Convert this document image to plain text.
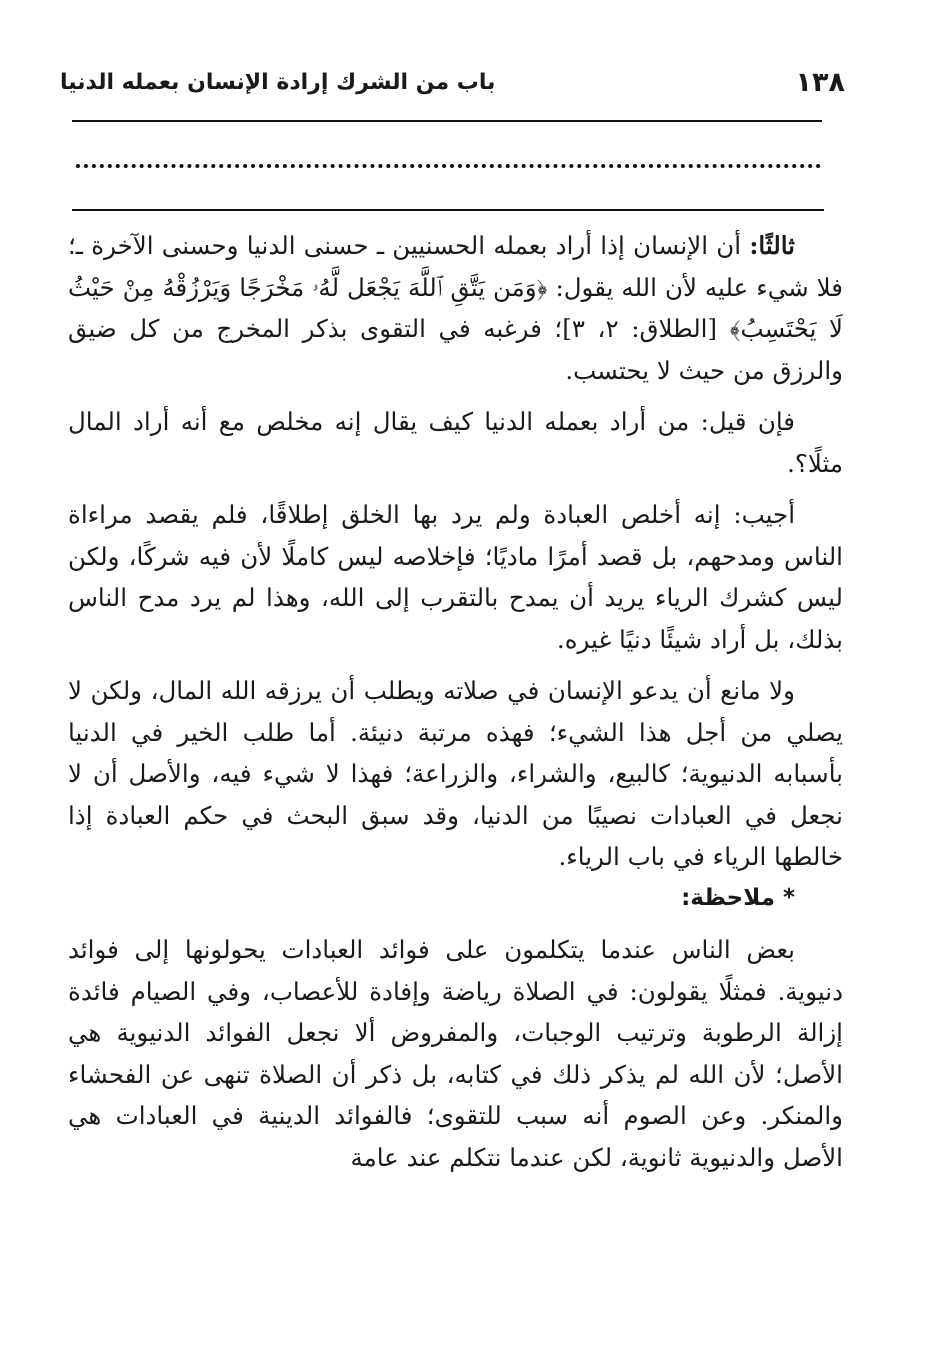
١٣٨
باب من الشرك إرادة الإنسان بعمله الدنيا

ثالثًا: أن الإنسان إذا أراد بعمله الحسنيين ـ حسنى الدنيا وحسنى الآخرة ـ؛ فلا شيء عليه لأن الله يقول: ﴿وَمَن يَتَّقِ ٱللَّهَ يَجْعَل لَّهُۥ مَخْرَجًا وَيَرْزُقْهُ مِنْ حَيْثُ لَا يَحْتَسِبُ﴾ [الطلاق: ٢، ٣]؛ فرغبه في التقوى بذكر المخرج من كل ضيق والرزق من حيث لا يحتسب.

فإن قيل: من أراد بعمله الدنيا كيف يقال إنه مخلص مع أنه أراد المال مثلًا؟.

أجيب: إنه أخلص العبادة ولم يرد بها الخلق إطلاقًا، فلم يقصد مراءاة الناس ومدحهم، بل قصد أمرًا ماديًا؛ فإخلاصه ليس كاملًا لأن فيه شركًا، ولكن ليس كشرك الرياء يريد أن يمدح بالتقرب إلى الله، وهذا لم يرد مدح الناس بذلك، بل أراد شيئًا دنيًا غيره.

ولا مانع أن يدعو الإنسان في صلاته ويطلب أن يرزقه الله المال، ولكن لا يصلي من أجل هذا الشيء؛ فهذه مرتبة دنيئة. أما طلب الخير في الدنيا بأسبابه الدنيوية؛ كالبيع، والشراء، والزراعة؛ فهذا لا شيء فيه، والأصل أن لا نجعل في العبادات نصيبًا من الدنيا، وقد سبق البحث في حكم العبادة إذا خالطها الرياء في باب الرياء.

* ملاحظة:

بعض الناس عندما يتكلمون على فوائد العبادات يحولونها إلى فوائد دنيوية. فمثلًا يقولون: في الصلاة رياضة وإفادة للأعصاب، وفي الصيام فائدة إزالة الرطوبة وترتيب الوجبات، والمفروض ألا نجعل الفوائد الدنيوية هي الأصل؛ لأن الله لم يذكر ذلك في كتابه، بل ذكر أن الصلاة تنهى عن الفحشاء والمنكر. وعن الصوم أنه سبب للتقوى؛ فالفوائد الدينية في العبادات هي الأصل والدنيوية ثانوية، لكن عندما نتكلم عند عامة
